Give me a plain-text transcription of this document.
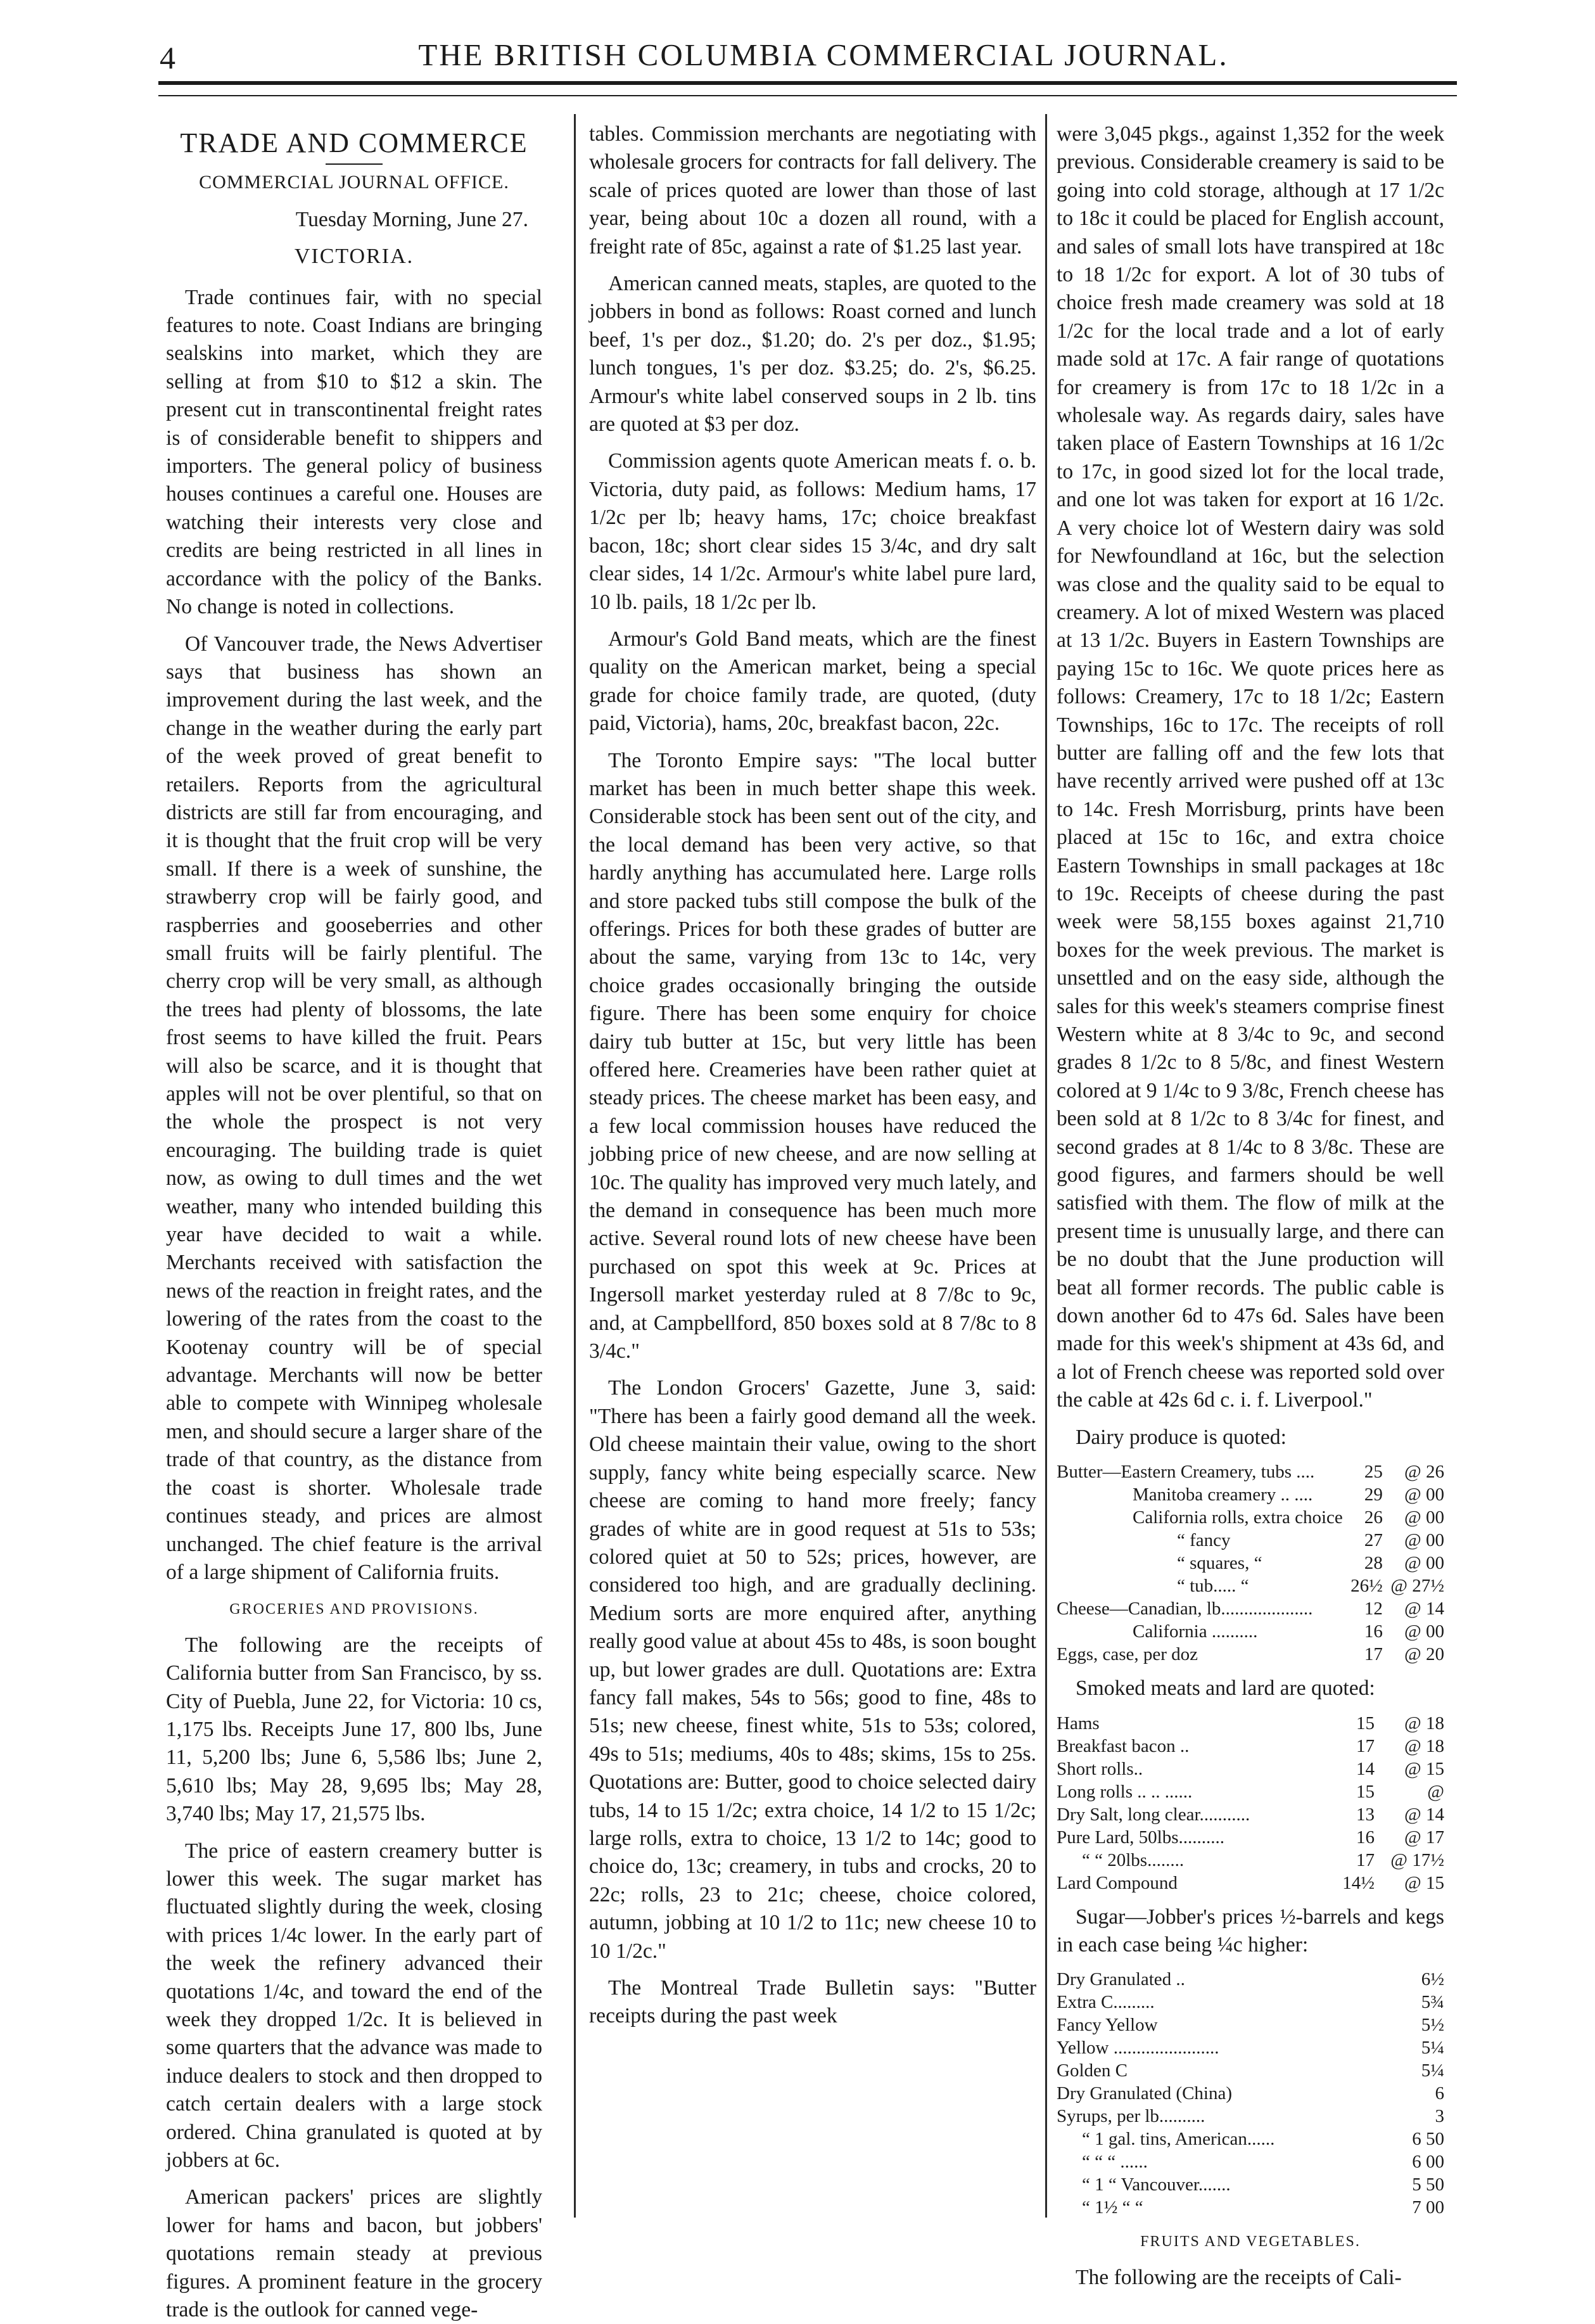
4	THE BRITISH COLUMBIA COMMERCIAL JOURNAL.
TRADE AND COMMERCE

COMMERCIAL JOURNAL OFFICE.

Tuesday Morning, June 27.

VICTORIA.

Trade continues fair, with no special features to note. Coast Indians are bringing sealskins into market, which they are selling at from $10 to $12 a skin. The present cut in transcontinental freight rates is of considerable benefit to shippers and importers. The general policy of business houses continues a careful one. Houses are watching their interests very close and credits are being restricted in all lines in accordance with the policy of the Banks. No change is noted in collections.

Of Vancouver trade, the News Advertiser says that business has shown an improvement during the last week, and the change in the weather during the early part of the week proved of great benefit to retailers. Reports from the agricultural districts are still far from encouraging, and it is thought that the fruit crop will be very small. If there is a week of sunshine, the strawberry crop will be fairly good, and raspberries and gooseberries and other small fruits will be fairly plentiful. The cherry crop will be very small, as although the trees had plenty of blossoms, the late frost seems to have killed the fruit. Pears will also be scarce, and it is thought that apples will not be over plentiful, so that on the whole the prospect is not very encouraging. The building trade is quiet now, as owing to dull times and the wet weather, many who intended building this year have decided to wait a while. Merchants received with satisfaction the news of the reaction in freight rates, and the lowering of the rates from the coast to the Kootenay country will be of special advantage. Merchants will now be better able to compete with Winnipeg wholesale men, and should secure a larger share of the trade of that country, as the distance from the coast is shorter. Wholesale trade continues steady, and prices are almost unchanged. The chief feature is the arrival of a large shipment of California fruits.

GROCERIES AND PROVISIONS.

The following are the receipts of California butter from San Francisco, by ss. City of Puebla, June 22, for Victoria: 10 cs, 1,175 lbs. Receipts June 17, 800 lbs, June 11, 5,200 lbs; June 6, 5,586 lbs; June 2, 5,610 lbs; May 28, 9,695 lbs; May 28, 3,740 lbs; May 17, 21,575 lbs.

The price of eastern creamery butter is lower this week. The sugar market has fluctuated slightly during the week, closing with prices 1/4c lower. In the early part of the week the refinery advanced their quotations 1/4c, and toward the end of the week they dropped 1/2c. It is believed in some quarters that the advance was made to induce dealers to stock and then dropped to catch certain dealers with a large stock ordered. China granulated is quoted at by jobbers at 6c.

American packers' prices are slightly lower for hams and bacon, but jobbers' quotations remain steady at previous figures. A prominent feature in the grocery trade is the outlook for canned vege-

tables. Commission merchants are negotiating with wholesale grocers for contracts for fall delivery. The scale of prices quoted are lower than those of last year, being about 10c a dozen all round, with a freight rate of 85c, against a rate of $1.25 last year.

American canned meats, staples, are quoted to the jobbers in bond as follows: Roast corned and lunch beef, 1's per doz., $1.20; do. 2's per doz., $1.95; lunch tongues, 1's per doz. $3.25; do. 2's, $6.25. Armour's white label conserved soups in 2 lb. tins are quoted at $3 per doz.

Commission agents quote American meats f. o. b. Victoria, duty paid, as follows: Medium hams, 17 1/2c per lb; heavy hams, 17c; choice breakfast bacon, 18c; short clear sides 15 3/4c, and dry salt clear sides, 14 1/2c. Armour's white label pure lard, 10 lb. pails, 18 1/2c per lb.

Armour's Gold Band meats, which are the finest quality on the American market, being a special grade for choice family trade, are quoted, (duty paid, Victoria), hams, 20c, breakfast bacon, 22c.

The Toronto Empire says: "The local butter market has been in much better shape this week. Considerable stock has been sent out of the city, and the local demand has been very active, so that hardly anything has accumulated here. Large rolls and store packed tubs still compose the bulk of the offerings. Prices for both these grades of butter are about the same, varying from 13c to 14c, very choice grades occasionally bringing the outside figure. There has been some enquiry for choice dairy tub butter at 15c, but very little has been offered here. Creameries have been rather quiet at steady prices. The cheese market has been easy, and a few local commission houses have reduced the jobbing price of new cheese, and are now selling at 10c. The quality has improved very much lately, and the demand in consequence has been much more active. Several round lots of new cheese have been purchased on spot this week at 9c. Prices at Ingersoll market yesterday ruled at 8 7/8c to 9c, and, at Campbellford, 850 boxes sold at 8 7/8c to 8 3/4c."

The London Grocers' Gazette, June 3, said: "There has been a fairly good demand all the week. Old cheese maintain their value, owing to the short supply, fancy white being especially scarce. New cheese are coming to hand more freely; fancy grades of white are in good request at 51s to 53s; colored quiet at 50 to 52s; prices, however, are considered too high, and are gradually declining. Medium sorts are more enquired after, anything really good value at about 45s to 48s, is soon bought up, but lower grades are dull. Quotations are: Extra fancy fall makes, 54s to 56s; good to fine, 48s to 51s; new cheese, finest white, 51s to 53s; colored, 49s to 51s; mediums, 40s to 48s; skims, 15s to 25s. Quotations are: Butter, good to choice selected dairy tubs, 14 to 15 1/2c; extra choice, 14 1/2 to 15 1/2c; large rolls, extra to choice, 13 1/2 to 14c; good to choice do, 13c; creamery, in tubs and crocks, 20 to 22c; rolls, 23 to 21c; cheese, choice colored, autumn, jobbing at 10 1/2 to 11c; new cheese 10 to 10 1/2c."

The Montreal Trade Bulletin says: "Butter receipts during the past week

were 3,045 pkgs., against 1,352 for the week previous. Considerable creamery is said to be going into cold storage, although at 17 1/2c to 18c it could be placed for English account, and sales of small lots have transpired at 18c to 18 1/2c for export. A lot of 30 tubs of choice fresh made creamery was sold at 18 1/2c for the local trade and a lot of early made sold at 17c. A fair range of quotations for creamery is from 17c to 18 1/2c in a wholesale way. As regards dairy, sales have taken place of Eastern Townships at 16 1/2c to 17c, in good sized lot for the local trade, and one lot was taken for export at 16 1/2c. A very choice lot of Western dairy was sold for Newfoundland at 16c, but the selection was close and the quality said to be equal to creamery. A lot of mixed Western was placed at 13 1/2c. Buyers in Eastern Townships are paying 15c to 16c. We quote prices here as follows: Creamery, 17c to 18 1/2c; Eastern Townships, 16c to 17c. The receipts of roll butter are falling off and the few lots that have recently arrived were pushed off at 13c to 14c. Fresh Morrisburg, prints have been placed at 15c to 16c, and extra choice Eastern Townships in small packages at 18c to 19c. Receipts of cheese during the past week were 58,155 boxes against 21,710 boxes for the week previous. The market is unsettled and on the easy side, although the sales for this week's steamers comprise finest Western white at 8 3/4c to 9c, and second grades 8 1/2c to 8 5/8c, and finest Western colored at 9 1/4c to 9 3/8c, French cheese has been sold at 8 1/2c to 8 3/4c for finest, and second grades at 8 1/4c to 8 3/8c. These are good figures, and farmers should be well satisfied with them. The flow of milk at the present time is unusually large, and there can be no doubt that the June production will beat all former records. The public cable is down another 6d to 47s 6d. Sales have been made for this week's shipment at 43s 6d, and a lot of French cheese was reported sold over the cable at 42s 6d c. i. f. Liverpool."

Dairy produce is quoted:

Butter—Eastern Creamery, tubs ....	25	@ 26
Manitoba creamery .. ....	29	@ 00
California rolls, extra choice	26	@ 00
“ fancy	27	@ 00
“ squares, “	28	@ 00
“ tub..... “	26½	@ 27½
Cheese—Canadian, lb....................	12	@ 14
California ..........	16	@ 00
Eggs, case, per doz	17	@ 20

Smoked meats and lard are quoted:

Hams	15	@ 18
Breakfast bacon ..	17	@ 18
Short rolls..	14	@ 15
Long rolls .. .. ......	15	@
Dry Salt, long clear...........	13	@ 14
Pure Lard, 50lbs..........	16	@ 17
“ “ 20lbs........	17	@ 17½
Lard Compound	14½	@ 15

Sugar—Jobber's prices ½-barrels and kegs in each case being ¼c higher:

Dry Granulated ..		6½
Extra C.........		5¾
Fancy Yellow		5½
Yellow .......................		5¼
Golden C		5¼
Dry Granulated (China)		6
Syrups, per lb..........		3
“ 1 gal. tins, American......		6 50
“ “ “ ......		6 00
“ 1 “ Vancouver.......		5 50
“ 1½ “ “		7 00
FRUITS AND VEGETABLES.

The following are the receipts of Cali-
